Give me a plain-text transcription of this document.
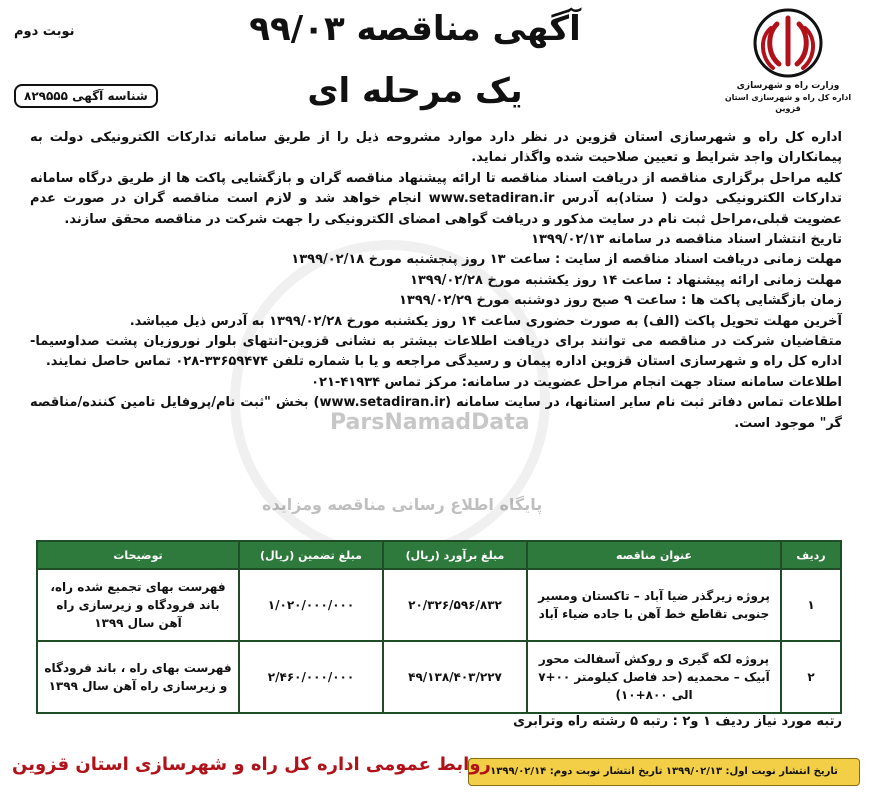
ParsNamadData
پایگاه اطلاع رسانی مناقصه ومزایده
وزارت راه و شهرسازی
اداره کل راه و شهرسازی استان قزوین
آگهی مناقصه ۹۹/۰۳
یک مرحله ای
نوبت دوم
شناسه آگهی ۸۲۹۵۵۵

اداره کل راه و شهرسازی استان قزوین در نظر دارد موارد مشروحه ذیل را از طریق سامانه تدارکات الکترونیکی دولت به پیمانکاران واجد شرایط و تعیین صلاحیت شده واگذار نماید.

کلیه مراحل برگزاری مناقصه از دریافت اسناد مناقصه تا ارائه پیشنهاد مناقصه گران و بازگشایی پاکت ها از طریق درگاه سامانه تدارکات الکترونیکی دولت ( ستاد)به آدرس www.setadiran.ir انجام خواهد شد و لازم است مناقصه گران در صورت عدم عضویت قبلی،مراحل ثبت نام در سایت مذکور و دریافت گواهی امضای الکترونیکی را جهت شرکت در مناقصه محقق سازند.

تاریخ انتشار اسناد مناقصه در سامانه ۱۳۹۹/۰۲/۱۳

مهلت زمانی دریافت اسناد مناقصه از سایت : ساعت ۱۳ روز پنجشنبه مورخ ۱۳۹۹/۰۲/۱۸

مهلت زمانی ارائه پیشنهاد : ساعت ۱۴ روز یکشنبه مورخ ۱۳۹۹/۰۲/۲۸

زمان بازگشایی پاکت ها : ساعت ۹ صبح روز دوشنبه مورخ ۱۳۹۹/۰۲/۲۹

آخرین مهلت تحویل پاکت (الف) به صورت حضوری ساعت ۱۴ روز یکشنبه مورخ ۱۳۹۹/۰۲/۲۸ به آدرس ذیل میباشد.

متقاضیان شرکت در مناقصه می توانند برای دریافت اطلاعات بیشتر به نشانی قزوین-انتهای بلوار نوروزیان پشت صداوسیما- اداره کل راه و شهرسازی استان قزوین اداره پیمان و رسیدگی مراجعه و یا با شماره تلفن ۳۳۶۵۹۴۷۴-۰۲۸ تماس حاصل نمایند.

اطلاعات سامانه ستاد جهت انجام مراحل عضویت در سامانه: مرکز تماس ۴۱۹۳۴-۰۲۱

اطلاعات تماس دفاتر ثبت نام سایر استانها، در سایت سامانه (www.setadiran.ir) بخش "ثبت نام/پروفایل تامین کننده/مناقصه گر" موجود است.

ردیف	عنوان مناقصه	مبلغ برآورد (ریال)	مبلغ تضمین (ریال)	توضیحات
۱	پروژه زیرگذر ضیا آباد – تاکستان ومسیر جنوبی تقاطع خط آهن با جاده ضیاء آباد	۲۰/۳۲۶/۵۹۶/۸۳۲	۱/۰۲۰/۰۰۰/۰۰۰	فهرست بهای تجمیع شده راه، باند فرودگاه و زیرسازی راه آهن سال ۱۳۹۹
۲	پروژه لکه گیری و روکش آسفالت محور آبیک – محمدیه (حد فاصل کیلومتر ۰۰+۷ الی ۸۰۰+۱۰)	۴۹/۱۳۸/۴۰۳/۲۲۷	۲/۴۶۰/۰۰۰/۰۰۰	فهرست بهای راه ، باند فرودگاه و زیرسازی راه آهن سال ۱۳۹۹
رتبه مورد نیاز ردیف ۱ و۲ : رتبه ۵ رشته راه وترابری
تاریخ انتشار نوبت اول: ۱۳۹۹/۰۲/۱۳ تاریخ انتشار نوبت دوم: ۱۳۹۹/۰۲/۱۴
روابط عمومی اداره کل راه و شهرسازی استان قزوین
